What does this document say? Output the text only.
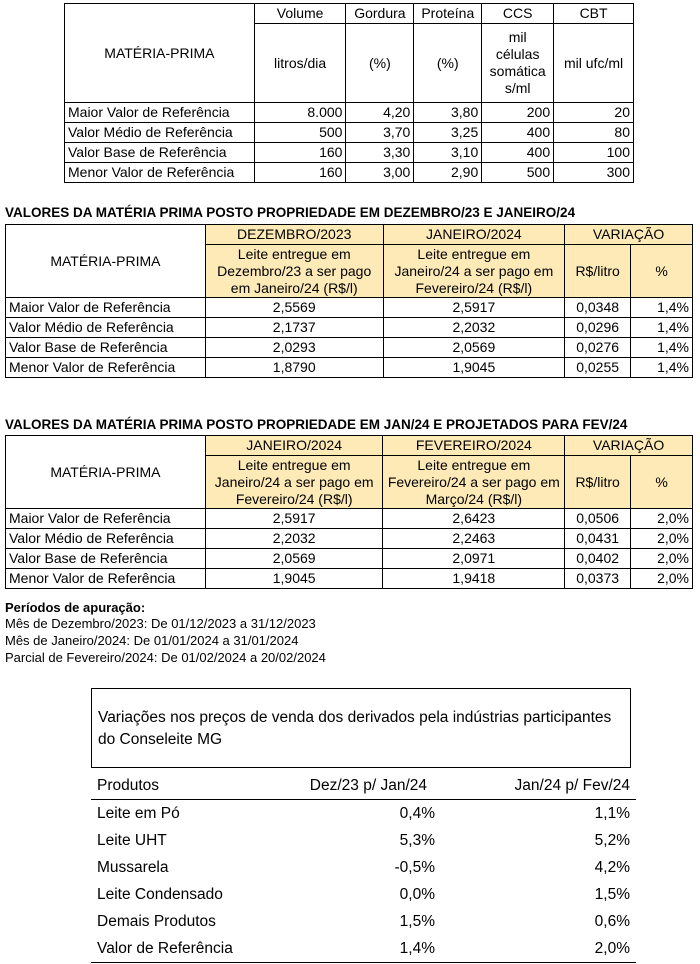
MATÉRIA-PRIMA	Volume	Gordura	Proteína	CCS	CBT
	litros/dia	(%)	(%)	mil células somática s/ml	mil ufc/ml
Maior Valor de Referência	8.000	4,20	3,80	200	20
Valor Médio de Referência	500	3,70	3,25	400	80
Valor Base de Referência	160	3,30	3,10	400	100
Menor Valor de Referência	160	3,00	2,90	500	300
VALORES DA MATÉRIA PRIMA POSTO PROPRIEDADE EM DEZEMBRO/23 E JANEIRO/24
MATÉRIA-PRIMA	DEZEMBRO/2023	JANEIRO/2024	VARIAÇÃO	
	Leite entregue em Dezembro/23 a ser pago em Janeiro/24 (R$/l)	Leite entregue em Janeiro/24 a ser pago em Fevereiro/24 (R$/l)	R$/litro	%
Maior Valor de Referência	2,5569	2,5917	0,0348	1,4%
Valor Médio de Referência	2,1737	2,2032	0,0296	1,4%
Valor Base de Referência	2,0293	2,0569	0,0276	1,4%
Menor Valor de Referência	1,8790	1,9045	0,0255	1,4%
VALORES DA MATÉRIA PRIMA POSTO PROPRIEDADE EM JAN/24 E PROJETADOS PARA FEV/24
MATÉRIA-PRIMA	JANEIRO/2024	FEVEREIRO/2024	VARIAÇÃO	
	Leite entregue em Janeiro/24 a ser pago em Fevereiro/24 (R$/l)	Leite entregue em Fevereiro/24 a ser pago em Março/24 (R$/l)	R$/litro	%
Maior Valor de Referência	2,5917	2,6423	0,0506	2,0%
Valor Médio de Referência	2,2032	2,2463	0,0431	2,0%
Valor Base de Referência	2,0569	2,0971	0,0402	2,0%
Menor Valor de Referência	1,9045	1,9418	0,0373	2,0%
Períodos de apuração:
Mês de Dezembro/2023: De 01/12/2023 a 31/12/2023
Mês de Janeiro/2024: De 01/01/2024 a 31/01/2024
Parcial de Fevereiro/2024: De 01/02/2024 a 20/02/2024
Variações nos preços de venda dos derivados pela indústrias participantes do Conseleite MG
Produtos	Dez/23 p/ Jan/24	Jan/24 p/ Fev/24
Leite em Pó	0,4%	1,1%
Leite UHT	5,3%	5,2%
Mussarela	-0,5%	4,2%
Leite Condensado	0,0%	1,5%
Demais Produtos	1,5%	0,6%
Valor de Referência	1,4%	2,0%
